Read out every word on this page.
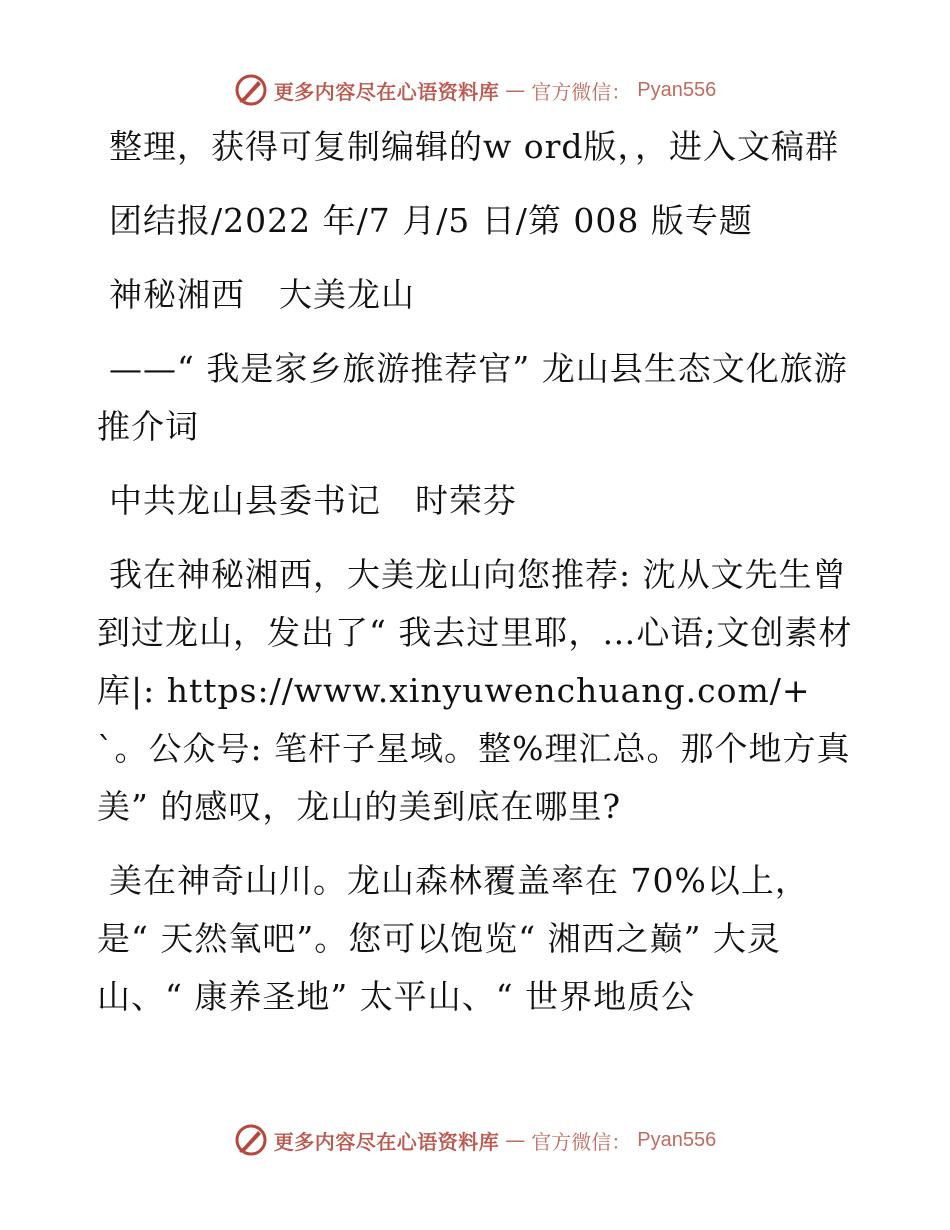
更多内容尽在心语资料库 — 官方微信： Pyan556

整理，获得可复制编辑的w ord版，，进入文稿群

团结报/2022 年/7 月/5 日/第 008 版专题

神秘湘西　大美龙山

——“ 我是家乡旅游推荐官” 龙山县生态文化旅游推介词

中共龙山县委书记　时荣芬

我在神秘湘西，大美龙山向您推荐: 沈从文先生曾到过龙山，发出了“ 我去过里耶，…心语;文创素材库|: https://www.xinyuwenchuang.com/+`。公众号: 笔杆子星域。整%理汇总。那个地方真美” 的感叹，龙山的美到底在哪里?

美在神奇山川。龙山森林覆盖率在 70%以上，是“ 天然氧吧”。您可以饱览“ 湘西之巅” 大灵山、“ 康养圣地” 太平山、“ 世界地质公

更多内容尽在心语资料库 — 官方微信： Pyan556
